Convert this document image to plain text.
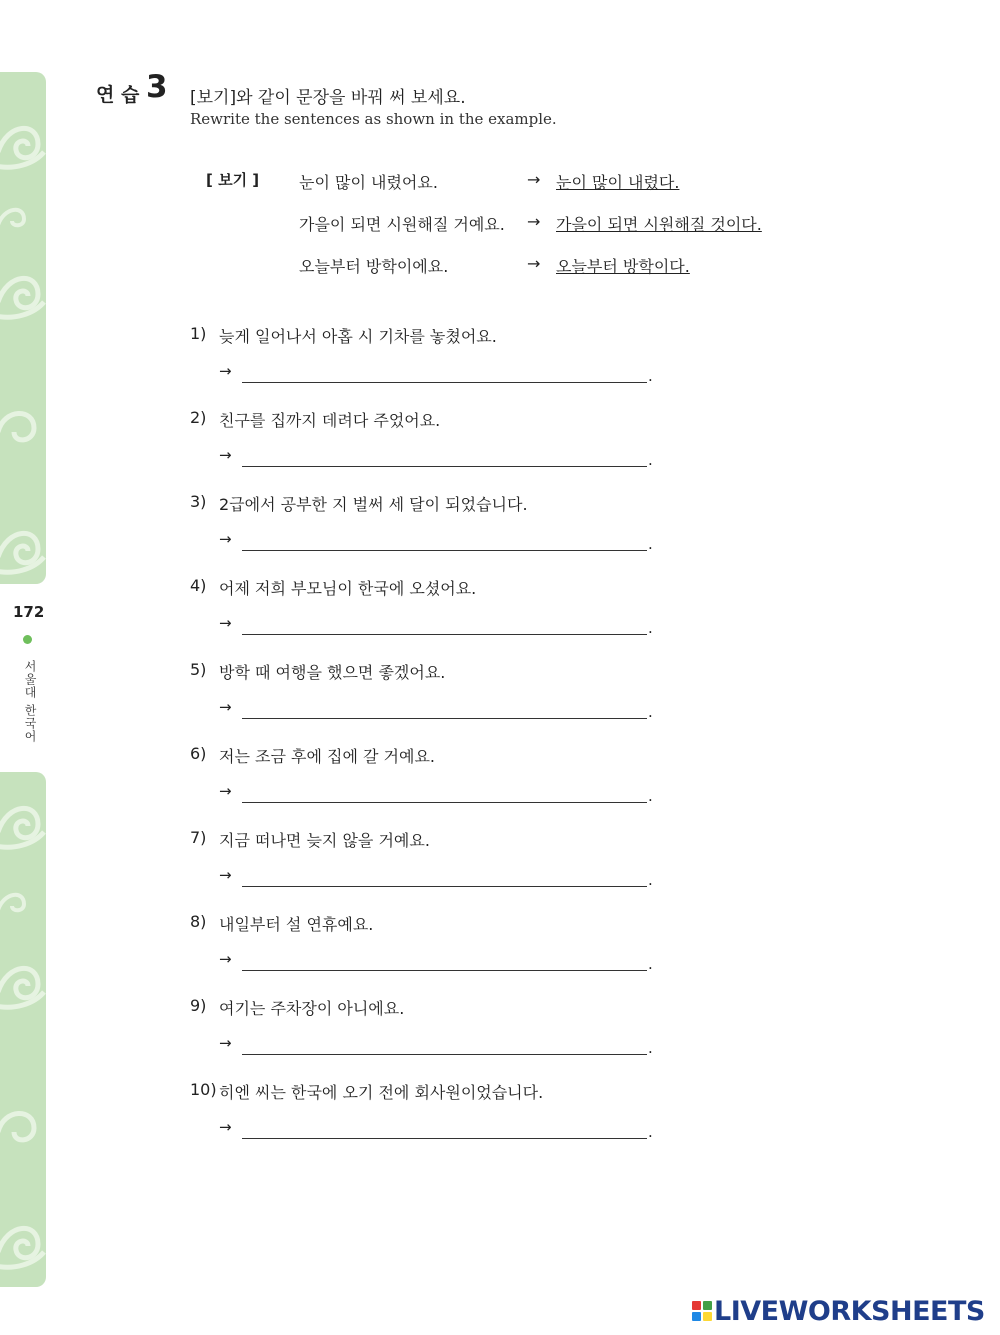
172
서울대 한국어
연 습 3 [보기]와 같이 문장을 바꿔 써 보세요.
Rewrite the sentences as shown in the example.
[ 보기 ] 눈이 많이 내렸어요.	→ 눈이 많이 내렸다.
가을이 되면 시원해질 거예요. → 가을이 되면 시원해질 것이다.
오늘부터 방학이에요.	→ 오늘부터 방학이다.
1) 늦게 일어나서 아홉 시 기차를 놓쳤어요.
→	.
2) 친구를 집까지 데려다 주었어요.
→	.
3) 2급에서 공부한 지 벌써 세 달이 되었습니다.
→	.
4) 어제 저희 부모님이 한국에 오셨어요.
→	.
5) 방학 때 여행을 했으면 좋겠어요.
→	.
6) 저는 조금 후에 집에 갈 거예요.
→	.
7) 지금 떠나면 늦지 않을 거예요.
→	.
8) 내일부터 설 연휴예요.
→	.
9) 여기는 주차장이 아니에요.
→	.
10) 히엔 씨는 한국에 오기 전에 회사원이었습니다.
→	.
LIVEWORKSHEETS
